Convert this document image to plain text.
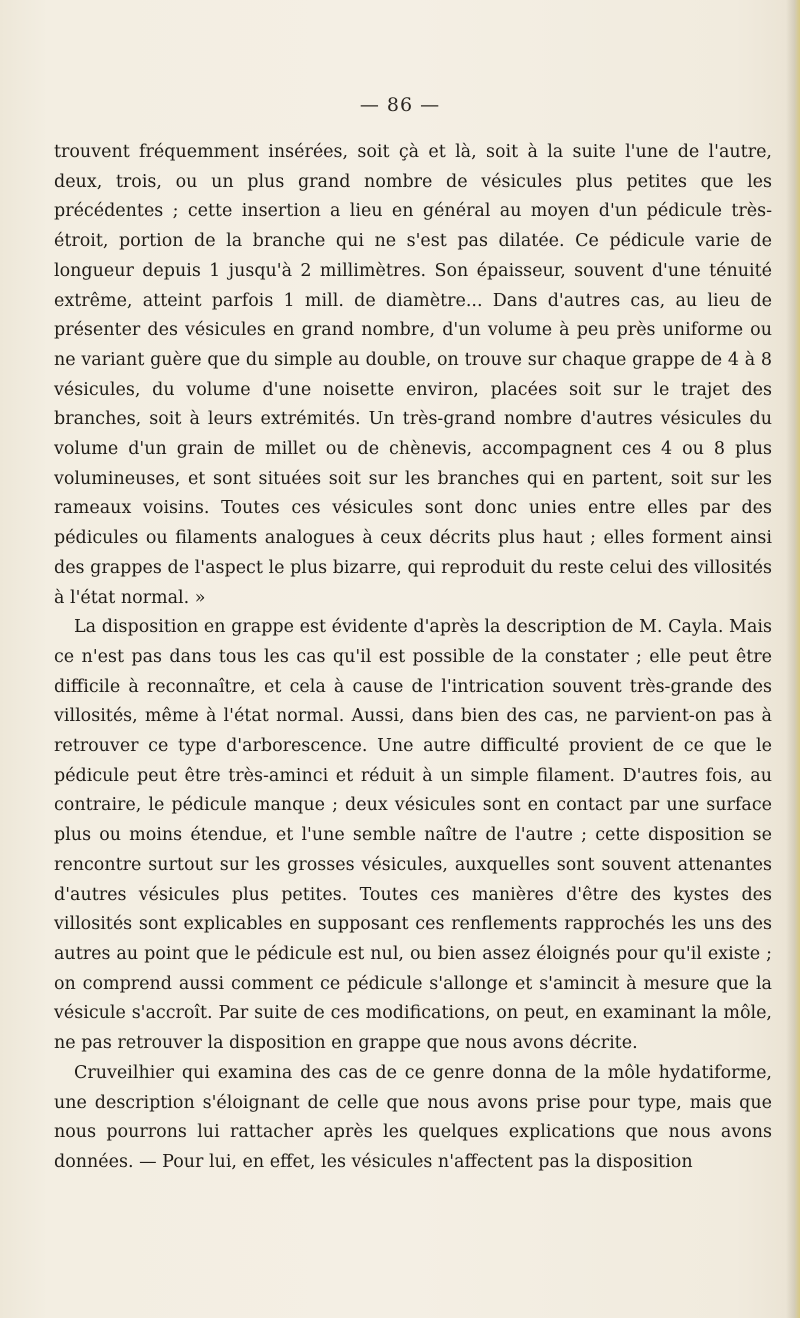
— 86 —

trouvent fréquemment insérées, soit çà et là, soit à la suite l'une de l'autre, deux, trois, ou un plus grand nombre de vésicules plus petites que les précédentes ; cette insertion a lieu en général au moyen d'un pédicule très-étroit, portion de la branche qui ne s'est pas dilatée. Ce pédicule varie de longueur depuis 1 jusqu'à 2 millimètres. Son épaisseur, souvent d'une ténuité extrême, atteint parfois 1 mill. de diamètre... Dans d'autres cas, au lieu de présenter des vésicules en grand nombre, d'un volume à peu près uniforme ou ne variant guère que du simple au double, on trouve sur chaque grappe de 4 à 8 vésicules, du volume d'une noisette environ, placées soit sur le trajet des branches, soit à leurs extrémités. Un très-grand nombre d'autres vésicules du volume d'un grain de millet ou de chènevis, accompagnent ces 4 ou 8 plus volumineuses, et sont situées soit sur les branches qui en partent, soit sur les rameaux voisins. Toutes ces vésicules sont donc unies entre elles par des pédicules ou filaments analogues à ceux décrits plus haut ; elles forment ainsi des grappes de l'aspect le plus bizarre, qui reproduit du reste celui des villosités à l'état normal. »

La disposition en grappe est évidente d'après la description de M. Cayla. Mais ce n'est pas dans tous les cas qu'il est possible de la constater ; elle peut être difficile à reconnaître, et cela à cause de l'intrication souvent très-grande des villosités, même à l'état normal. Aussi, dans bien des cas, ne parvient-on pas à retrouver ce type d'arborescence. Une autre difficulté provient de ce que le pédicule peut être très-aminci et réduit à un simple filament. D'autres fois, au contraire, le pédicule manque ; deux vésicules sont en contact par une surface plus ou moins étendue, et l'une semble naître de l'autre ; cette disposition se rencontre surtout sur les grosses vésicules, auxquelles sont souvent attenantes d'autres vésicules plus petites. Toutes ces manières d'être des kystes des villosités sont explicables en supposant ces renflements rapprochés les uns des autres au point que le pédicule est nul, ou bien assez éloignés pour qu'il existe ; on comprend aussi comment ce pédicule s'allonge et s'amincit à mesure que la vésicule s'accroît. Par suite de ces modifications, on peut, en examinant la môle, ne pas retrouver la disposition en grappe que nous avons décrite.

Cruveilhier qui examina des cas de ce genre donna de la môle hydatiforme, une description s'éloignant de celle que nous avons prise pour type, mais que nous pourrons lui rattacher après les quelques explications que nous avons données. — Pour lui, en effet, les vésicules n'affectent pas la disposition
